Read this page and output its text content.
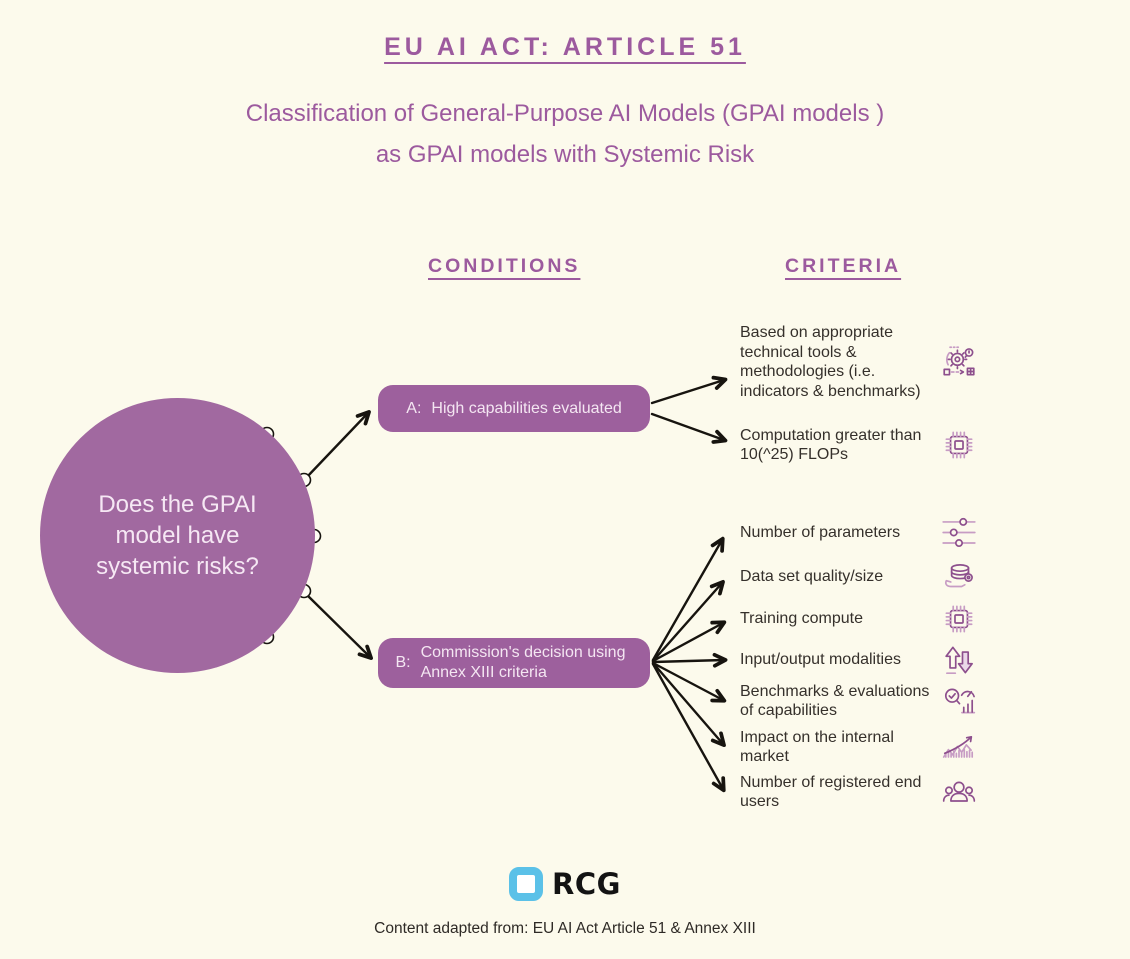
EU AI ACT: ARTICLE 51
Classification of General-Purpose AI Models (GPAI models )
as GPAI models with Systemic Risk
CONDITIONS	CRITERIA
Does the GPAI model have systemic risks?
A: High capabilities evaluated
B:
Commission's decision using Annex XIII criteria
Based on appropriate technical tools & methodologies (i.e. indicators & benchmarks)
Computation greater than 10(^25) FLOPs
Number of parameters
Data set quality/size
Training compute
Input/output modalities
Benchmarks & evaluations of capabilities
Impact on the internal market
Number of registered end users
RCG
Content adapted from: EU AI Act Article 51 & Annex XIII
